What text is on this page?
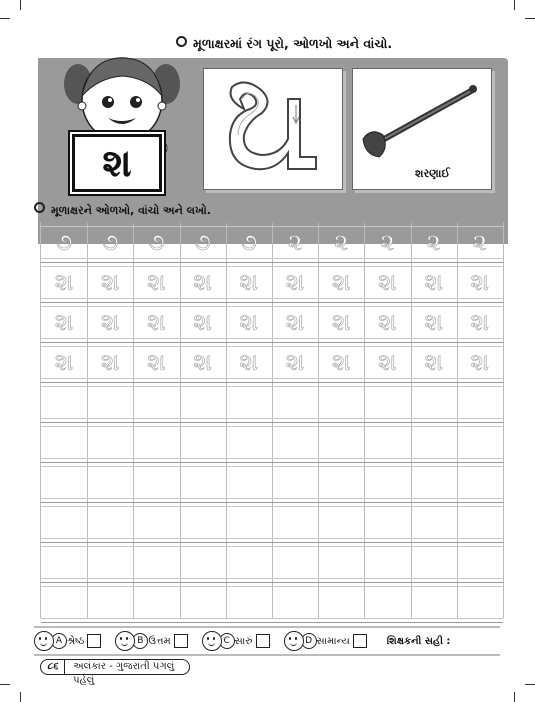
મૂળાક્ષરમાં રંગ પૂરો, ઓળખો અને વાંચો.
શ	શરણાઈ
મૂળાક્ષરને ઓળખો, વાંચો અને લખો.
૭ ૭ ૭ ૭ ૭ ૨ ૨ ૨ ૨ ૨
શ શ શ શ શ શ શ શ શ શ
શ શ શ શ શ શ શ શ શ શ
શ શ શ શ શ શ શ શ શ શ
A શ્રેષ્ઠ	B ઉત્તમ	C સારું	D સામાન્ય	શિક્ષકની સહી :
૮૬	અલંકાર - ગુજરાતી પગલું પહેલું
